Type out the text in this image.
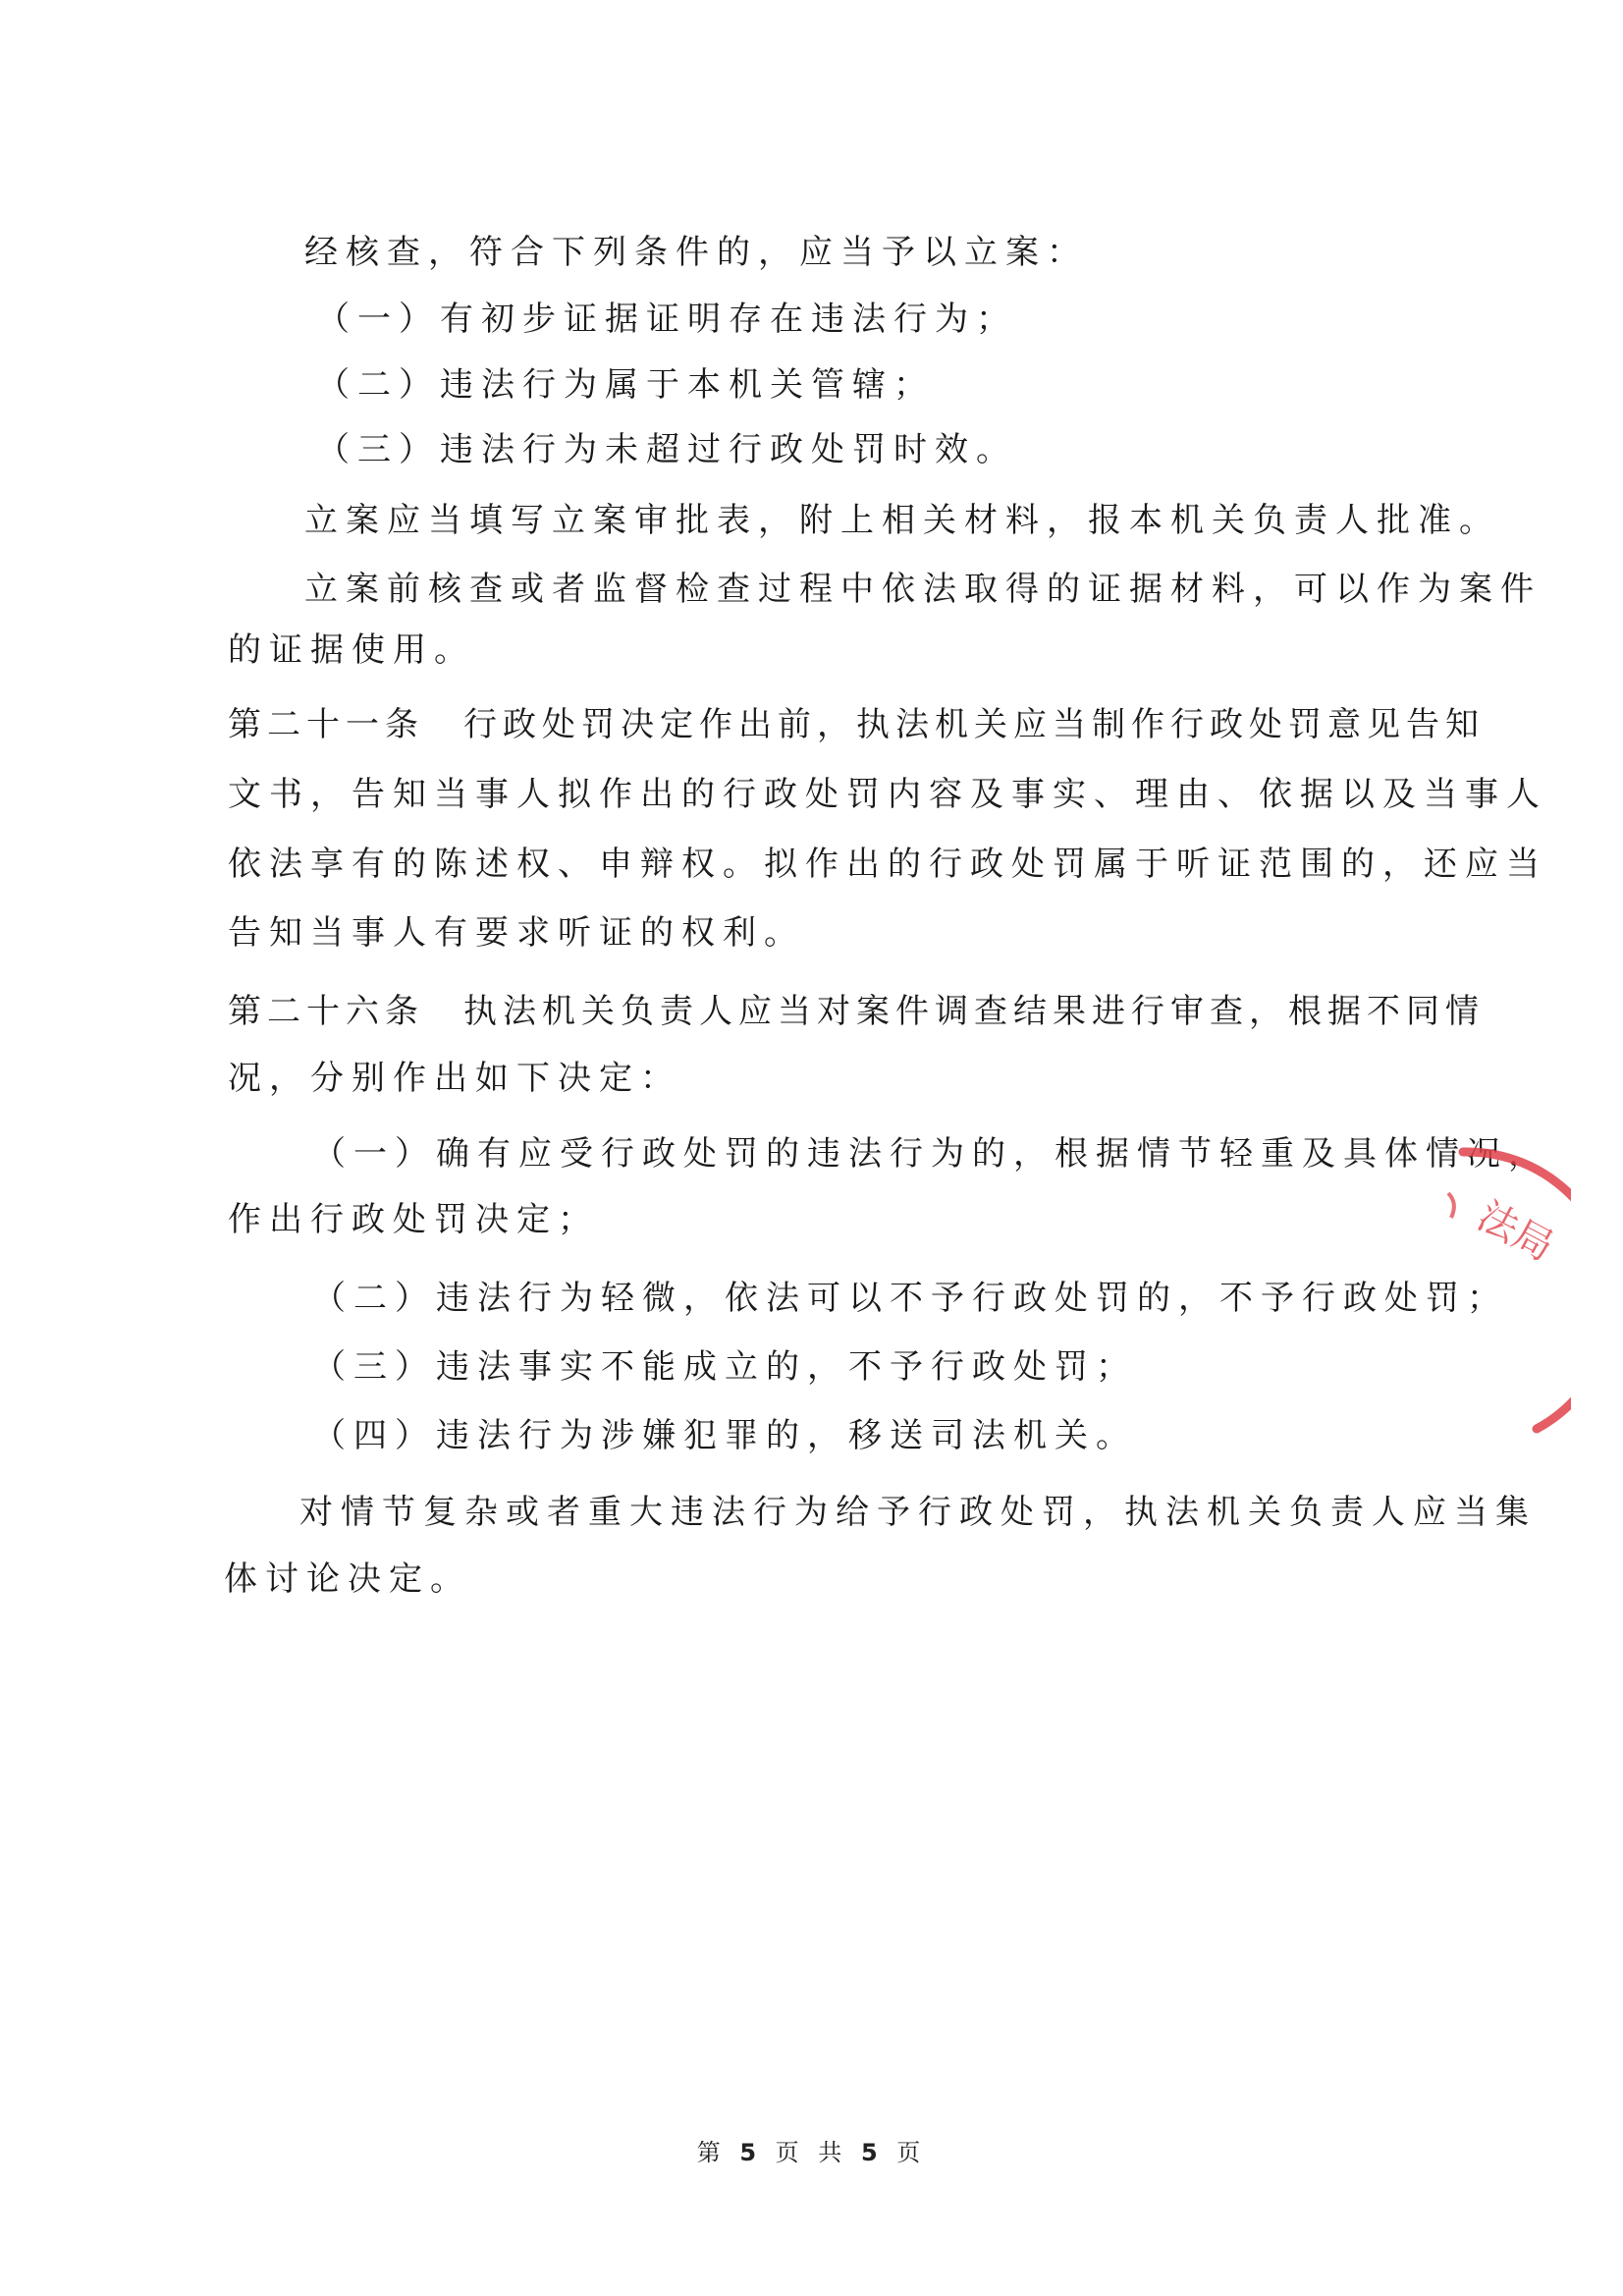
经核查，符合下列条件的，应当予以立案：
（一）有初步证据证明存在违法行为；
（二）违法行为属于本机关管辖；
（三）违法行为未超过行政处罚时效。
立案应当填写立案审批表，附上相关材料，报本机关负责人批准。
立案前核查或者监督检查过程中依法取得的证据材料，可以作为案件
的证据使用。
第二十一条　行政处罚决定作出前，执法机关应当制作行政处罚意见告知
文书，告知当事人拟作出的行政处罚内容及事实、理由、依据以及当事人
依法享有的陈述权、申辩权。拟作出的行政处罚属于听证范围的，还应当
告知当事人有要求听证的权利。
第二十六条　执法机关负责人应当对案件调查结果进行审查，根据不同情
况，分别作出如下决定：
（一）确有应受行政处罚的违法行为的，根据情节轻重及具体情况，
作出行政处罚决定；
（二）违法行为轻微，依法可以不予行政处罚的，不予行政处罚；
（三）违法事实不能成立的，不予行政处罚；
（四）违法行为涉嫌犯罪的，移送司法机关。
对情节复杂或者重大违法行为给予行政处罚，执法机关负责人应当集
体讨论决定。
法局
第 5 页 共 5 页
